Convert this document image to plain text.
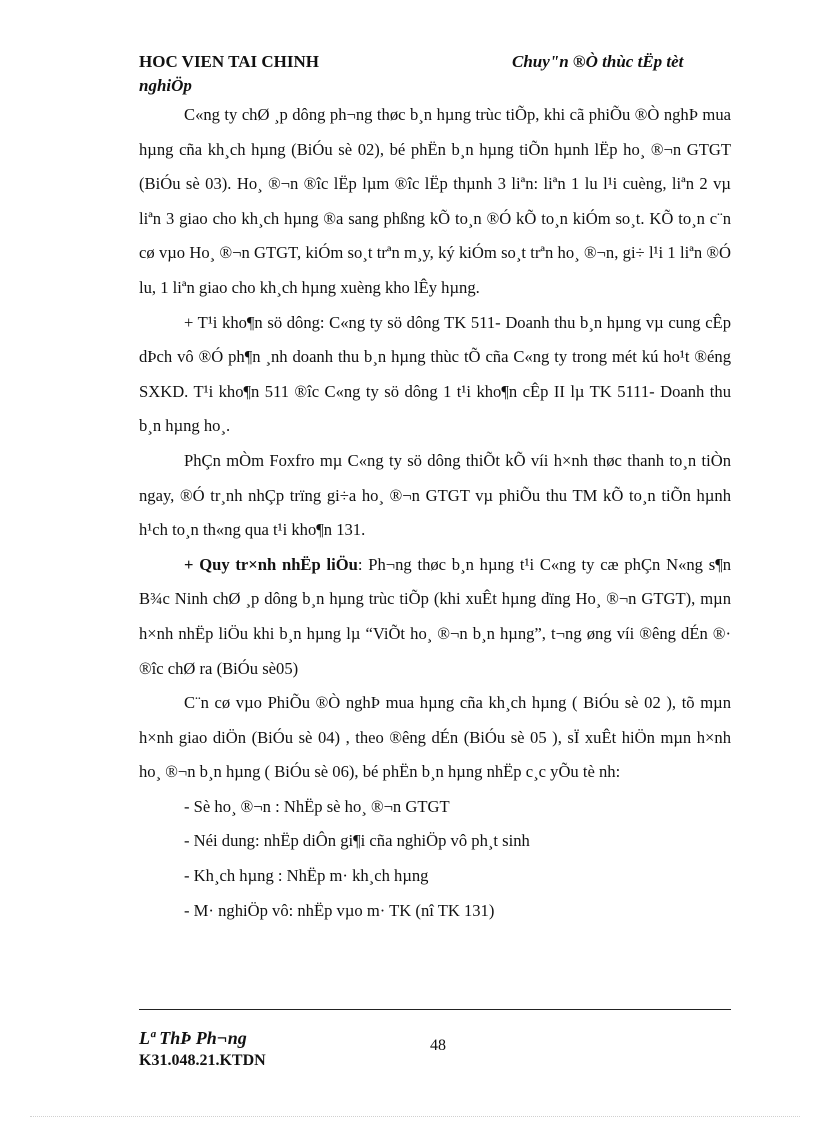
HOC VIEN TAI CHINH
nghiÖp
Chuy"n ®Ò thùc tËp tèt

C«ng ty chØ ¸p dông ph¬ng thøc b¸n hµng trùc tiÕp, khi cã phiÕu ®Ò nghÞ mua hµng cña kh¸ch hµng (BiÓu sè 02), bé phËn b¸n hµng tiÕn hµnh lËp ho¸ ®¬n GTGT (BiÓu sè 03). Ho¸ ®¬n ®îc lËp lµm ®îc lËp thµnh 3 liªn: liªn 1 lu l¹i cuèng, liªn 2 vµ liªn 3 giao cho kh¸ch hµng ®a sang phßng kÕ to¸n ®Ó kÕ to¸n kiÓm so¸t. KÕ to¸n c¨n cø vµo Ho¸ ®¬n GTGT, kiÓm so¸t trªn m¸y, ký kiÓm so¸t trªn ho¸ ®¬n, gi÷ l¹i 1 liªn ®Ó lu, 1 liªn giao cho kh¸ch hµng xuèng kho lÊy hµng.

+ T¹i kho¶n sö dông: C«ng ty sö dông TK 511- Doanh thu b¸n hµng vµ cung cÊp dÞch vô ®Ó ph¶n ¸nh doanh thu b¸n hµng thùc tÕ cña C«ng ty trong mét kú ho¹t ®éng SXKD. T¹i kho¶n 511 ®îc C«ng ty sö dông 1 t¹i kho¶n cÊp II lµ TK 5111- Doanh thu b¸n hµng ho¸.

PhÇn mÒm Foxfro mµ C«ng ty sö dông thiÕt kÕ víi h×nh thøc thanh to¸n tiÒn ngay, ®Ó tr¸nh nhÇp trïng gi÷a ho¸ ®¬n GTGT vµ phiÕu thu TM kÕ to¸n tiÕn hµnh h¹ch to¸n th«ng qua t¹i kho¶n 131.

+ Quy tr×nh nhËp liÖu: Ph¬ng thøc b¸n hµng t¹i C«ng ty cæ phÇn N«ng s¶n B¾c Ninh chØ ¸p dông b¸n hµng trùc tiÕp (khi xuÊt hµng dïng Ho¸ ®¬n GTGT), mµn h×nh nhËp liÖu khi b¸n hµng lµ “ViÕt ho¸ ®¬n b¸n hµng”, t¬ng øng víi ®êng dÉn ®· ®îc chØ ra (BiÓu sè05)

C¨n cø vµo PhiÕu ®Ò nghÞ mua hµng cña kh¸ch hµng ( BiÓu sè 02 ), tõ mµn h×nh giao diÖn (BiÓu sè 04) , theo ®êng dÉn (BiÓu sè 05 ), sÏ xuÊt hiÖn mµn h×nh ho¸ ®¬n b¸n hµng ( BiÓu sè 06), bé phËn b¸n hµng nhËp c¸c yÕu tè nh:

- Sè ho¸ ®¬n : NhËp sè ho¸ ®¬n GTGT

- Néi dung: nhËp diÔn gi¶i cña nghiÖp vô ph¸t sinh

- Kh¸ch hµng : NhËp m· kh¸ch hµng

- M· nghiÖp vô: nhËp vµo m· TK (nî TK 131)

Lª ThÞ Ph¬ng
K31.048.21.KTDN
48
